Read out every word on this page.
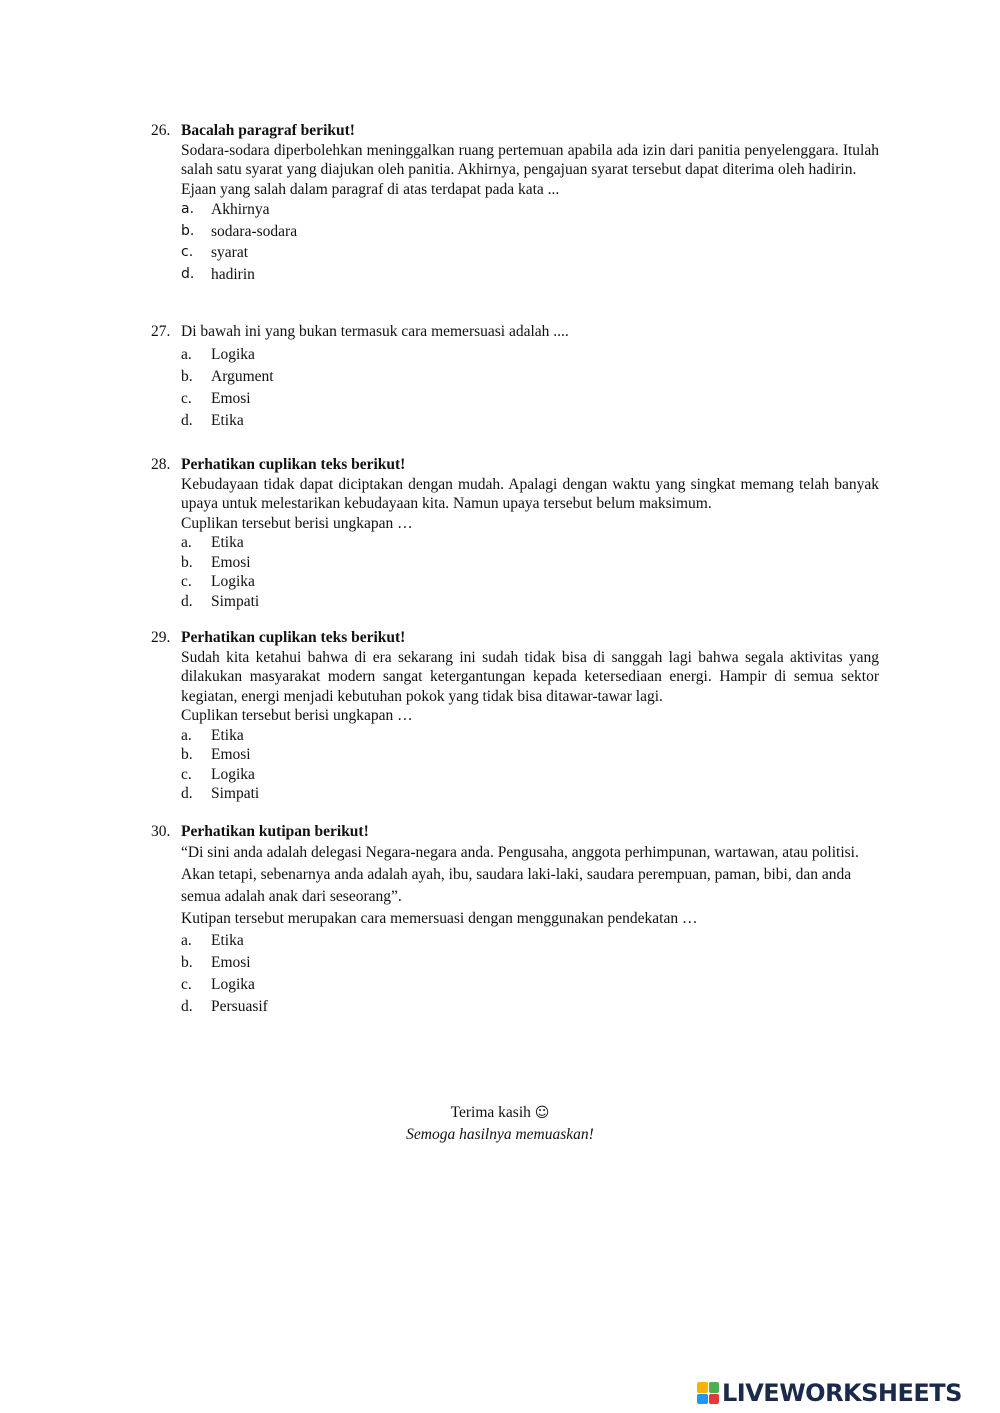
26. Bacalah paragraf berikut!
Sodara-sodara diperbolehkan meninggalkan ruang pertemuan apabila ada izin dari panitia penyelenggara. Itulah salah satu syarat yang diajukan oleh panitia. Akhirnya, pengajuan syarat tersebut dapat diterima oleh hadirin.
Ejaan yang salah dalam paragraf di atas terdapat pada kata ...
a. Akhirnya
b. sodara-sodara
c. syarat
d. hadirin
27. Di bawah ini yang bukan termasuk cara memersuasi adalah ....
a. Logika
b. Argument
c. Emosi
d. Etika
28. Perhatikan cuplikan teks berikut!
Kebudayaan tidak dapat diciptakan dengan mudah. Apalagi dengan waktu yang singkat memang telah banyak upaya untuk melestarikan kebudayaan kita. Namun upaya tersebut belum maksimum.
Cuplikan tersebut berisi ungkapan …
a. Etika
b. Emosi
c. Logika
d. Simpati
29. Perhatikan cuplikan teks berikut!
Sudah kita ketahui bahwa di era sekarang ini sudah tidak bisa di sanggah lagi bahwa segala aktivitas yang dilakukan masyarakat modern sangat ketergantungan kepada ketersediaan energi. Hampir di semua sektor kegiatan, energi menjadi kebutuhan pokok yang tidak bisa ditawar-tawar lagi.
Cuplikan tersebut berisi ungkapan …
a. Etika
b. Emosi
c. Logika
d. Simpati
30. Perhatikan kutipan berikut!
“Di sini anda adalah delegasi Negara-negara anda. Pengusaha, anggota perhimpunan, wartawan, atau politisi. Akan tetapi, sebenarnya anda adalah ayah, ibu, saudara laki-laki, saudara perempuan, paman, bibi, dan anda semua adalah anak dari seseorang”.
Kutipan tersebut merupakan cara memersuasi dengan menggunakan pendekatan …
a. Etika
b. Emosi
c. Logika
d. Persuasif
Terima kasih ☺
Semoga hasilnya memuaskan!
LIVEWORKSHEETS
